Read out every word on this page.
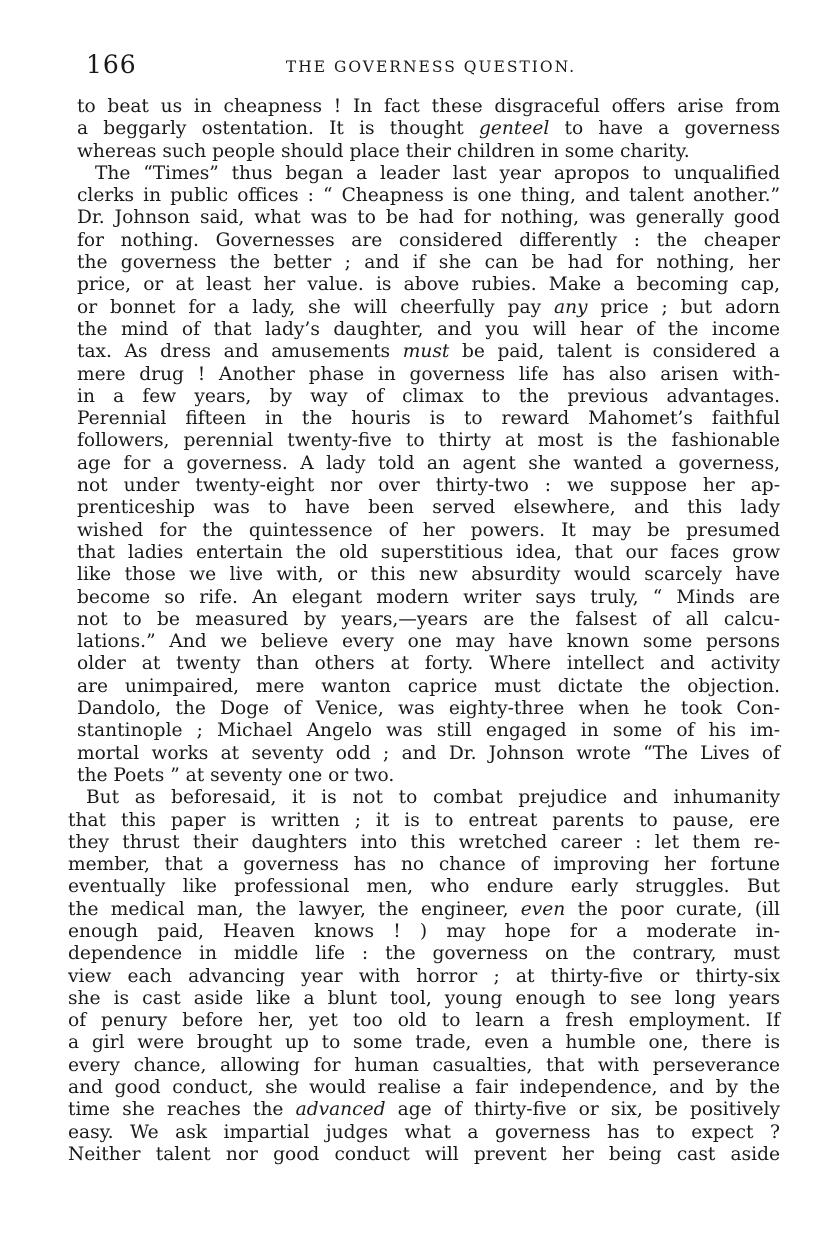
166	THE GOVERNESS QUESTION.
to beat us in cheapness ! In fact these disgraceful offers arise from
a beggarly ostentation. It is thought genteel to have a governess
whereas such people should place their children in some charity.
The “Times” thus began a leader last year apropos to unqualified
clerks in public offices : “ Cheapness is one thing, and talent another.”
Dr. Johnson said, what was to be had for nothing, was generally good
for nothing. Governesses are considered differently : the cheaper
the governess the better ; and if she can be had for nothing, her
price, or at least her value. is above rubies. Make a becoming cap,
or bonnet for a lady, she will cheerfully pay any price ; but adorn
the mind of that lady’s daughter, and you will hear of the income
tax. As dress and amusements must be paid, talent is considered a
mere drug ! Another phase in governess life has also arisen with-
in a few years, by way of climax to the previous advantages.
Perennial fifteen in the houris is to reward Mahomet’s faithful
followers, perennial twenty-five to thirty at most is the fashionable
age for a governess. A lady told an agent she wanted a governess,
not under twenty-eight nor over thirty-two : we suppose her ap-
prenticeship was to have been served elsewhere, and this lady
wished for the quintessence of her powers. It may be presumed
that ladies entertain the old superstitious idea, that our faces grow
like those we live with, or this new absurdity would scarcely have
become so rife. An elegant modern writer says truly, “ Minds are
not to be measured by years,—years are the falsest of all calcu-
lations.” And we believe every one may have known some persons
older at twenty than others at forty. Where intellect and activity
are unimpaired, mere wanton caprice must dictate the objection.
Dandolo, the Doge of Venice, was eighty-three when he took Con-
stantinople ; Michael Angelo was still engaged in some of his im-
mortal works at seventy odd ; and Dr. Johnson wrote “The Lives of
the Poets ” at seventy one or two.
But as beforesaid, it is not to combat prejudice and inhumanity
that this paper is written ; it is to entreat parents to pause, ere
they thrust their daughters into this wretched career : let them re-
member, that a governess has no chance of improving her fortune
eventually like professional men, who endure early struggles. But
the medical man, the lawyer, the engineer, even the poor curate, (ill
enough paid, Heaven knows ! ) may hope for a moderate in-
dependence in middle life : the governess on the contrary, must
view each advancing year with horror ; at thirty-five or thirty-six
she is cast aside like a blunt tool, young enough to see long years
of penury before her, yet too old to learn a fresh employment. If
a girl were brought up to some trade, even a humble one, there is
every chance, allowing for human casualties, that with perseverance
and good conduct, she would realise a fair independence, and by the
time she reaches the advanced age of thirty-five or six, be positively
easy. We ask impartial judges what a governess has to expect ?
Neither talent nor good conduct will prevent her being cast aside
